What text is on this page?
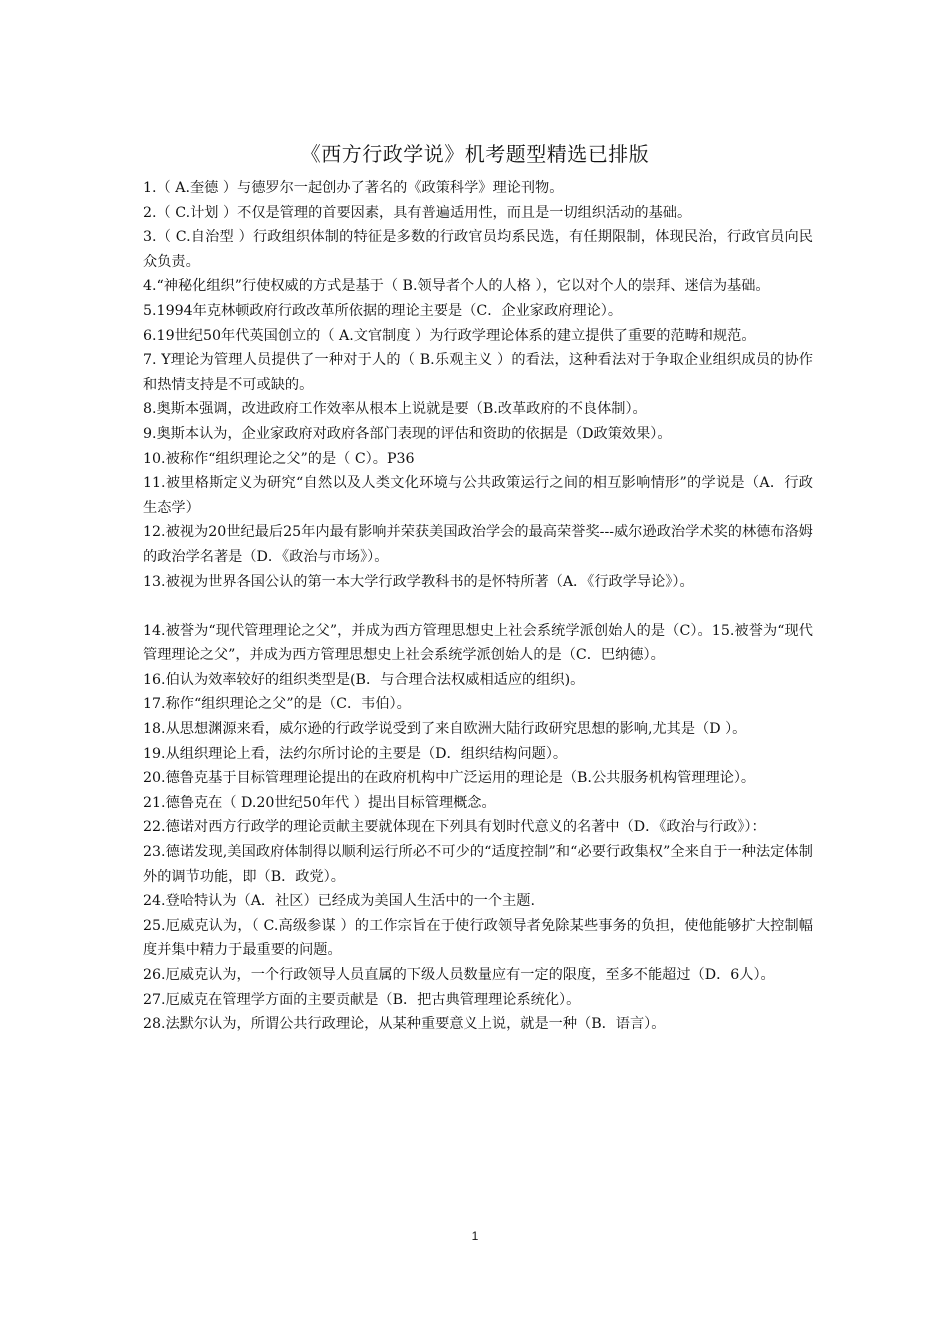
《西方行政学说》机考题型精选已排版

1.（ A.奎德 ）与德罗尔一起创办了著名的《政策科学》理论刊物。

2.（ C.计划 ）不仅是管理的首要因素，具有普遍适用性，而且是一切组织活动的基础。

3.（ C.自治型 ）行政组织体制的特征是多数的行政官员均系民选，有任期限制，体现民治，行政官员向民众负责。

4.“神秘化组织”行使权威的方式是基于（ B.领导者个人的人格 ），它以对个人的崇拜、迷信为基础。

5.1994年克林顿政府行政改革所依据的理论主要是（C．企业家政府理论）。

6.19世纪50年代英国创立的（ A.文官制度 ）为行政学理论体系的建立提供了重要的范畴和规范。

7. Y理论为管理人员提供了一种对于人的（ B.乐观主义 ）的看法，这种看法对于争取企业组织成员的协作和热情支持是不可或缺的。

8.奥斯本强调，改进政府工作效率从根本上说就是要（B.改革政府的不良体制）。

9.奥斯本认为，企业家政府对政府各部门表现的评估和资助的依据是（D政策效果）。

10.被称作“组织理论之父”的是（ C）。P36

11.被里格斯定义为研究“自然以及人类文化环境与公共政策运行之间的相互影响情形”的学说是（A．行政生态学）

12.被视为20世纪最后25年内最有影响并荣获美国政治学会的最高荣誉奖---威尔逊政治学术奖的林德布洛姆的政治学名著是（D．《政治与市场》）。

13.被视为世界各国公认的第一本大学行政学教科书的是怀特所著（A．《行政学导论》）。

14.被誉为“现代管理理论之父”，并成为西方管理思想史上社会系统学派创始人的是（C）。15.被誉为“现代管理理论之父”，并成为西方管理思想史上社会系统学派创始人的是（C．巴纳德）。

16.伯认为效率较好的组织类型是(B．与合理合法权威相适应的组织)。

17.称作“组织理论之父”的是（C．韦伯）。

18.从思想渊源来看，威尔逊的行政学说受到了来自欧洲大陆行政研究思想的影响,尤其是（D ）。

19.从组织理论上看，法约尔所讨论的主要是（D．组织结构问题）。

20.德鲁克基于目标管理理论提出的在政府机构中广泛运用的理论是（B.公共服务机构管理理论）。

21.德鲁克在（ D.20世纪50年代 ）提出目标管理概念。

22.德诺对西方行政学的理论贡献主要就体现在下列具有划时代意义的名著中（D．《政治与行政》）：

23.德诺发现,美国政府体制得以顺利运行所必不可少的“适度控制”和“必要行政集权”全来自于一种法定体制外的调节功能，即（B．政党）。

24.登哈特认为（A．社区）已经成为美国人生活中的一个主题.

25.厄威克认为，（ C.高级参谋 ）的工作宗旨在于使行政领导者免除某些事务的负担，使他能够扩大控制幅度并集中精力于最重要的问题。

26.厄威克认为，一个行政领导人员直属的下级人员数量应有一定的限度，至多不能超过（D．6人）。

27.厄威克在管理学方面的主要贡献是（B．把古典管理理论系统化）。

28.法默尔认为，所谓公共行政理论，从某种重要意义上说，就是一种（B．语言）。

1
